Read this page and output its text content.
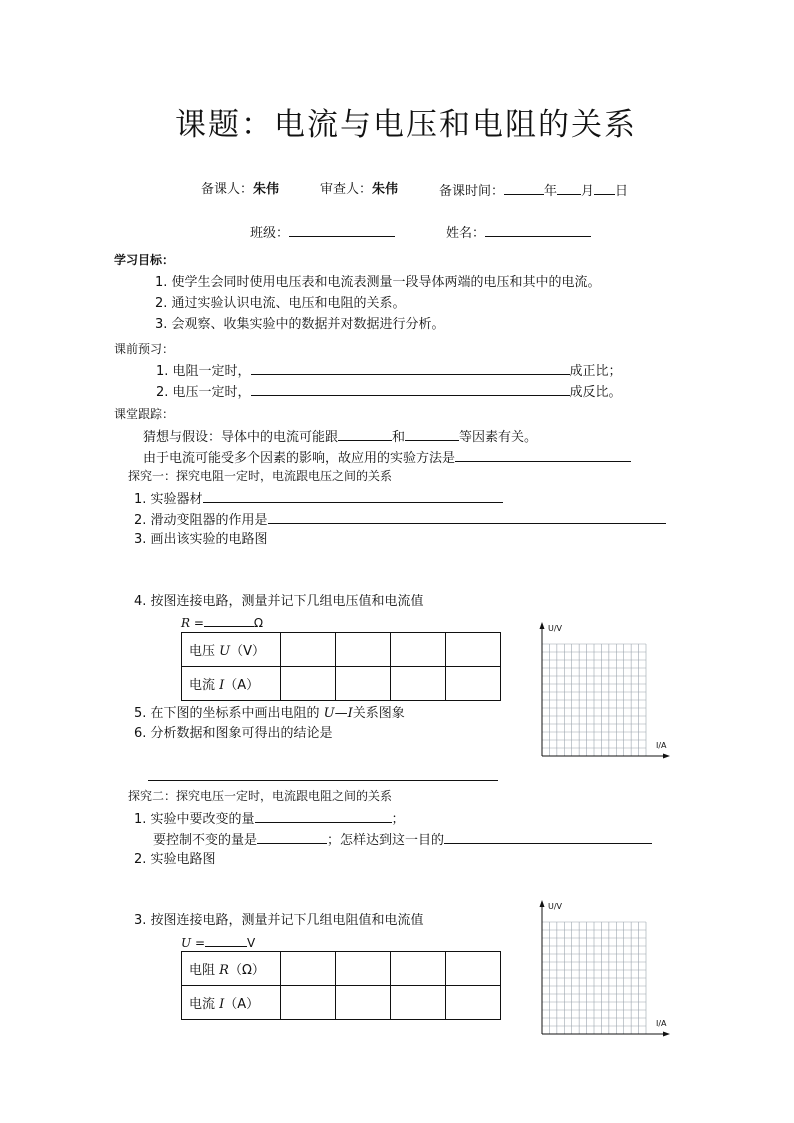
课题：电流与电压和电阻的关系
备课人：朱伟	审查人：朱伟	备课时间：	年 月 日
班级：	姓名：
学习目标：
1. 使学生会同时使用电压表和电流表测量一段导体两端的电压和其中的电流。
2. 通过实验认识电流、电压和电阻的关系。
3. 会观察、收集实验中的数据并对数据进行分析。
课前预习：
1. 电阻一定时，	成正比；
2. 电压一定时，	成反比。
课堂跟踪：
猜想与假设：导体中的电流可能跟	和	等因素有关。
由于电流可能受多个因素的影响，故应用的实验方法是
探究一：探究电阻一定时，电流跟电压之间的关系
1. 实验器材
2. 滑动变阻器的作用是
3. 画出该实验的电路图
4. 按图连接电路，测量并记下几组电压值和电流值
R =	Ω
电压 U（V）				
电流 I（A）				
5. 在下图的坐标系中画出电阻的 U—I关系图象
6. 分析数据和图象可得出的结论是
U/V
I/A
探究二：探究电压一定时，电流跟电阻之间的关系
1. 实验中要改变的量	；
要控制不变的量是	；怎样达到这一目的
2. 实验电路图
3. 按图连接电路，测量并记下几组电阻值和电流值
U =	V
电阻 R（Ω）				
电流 I（A）				
U/V
I/A
